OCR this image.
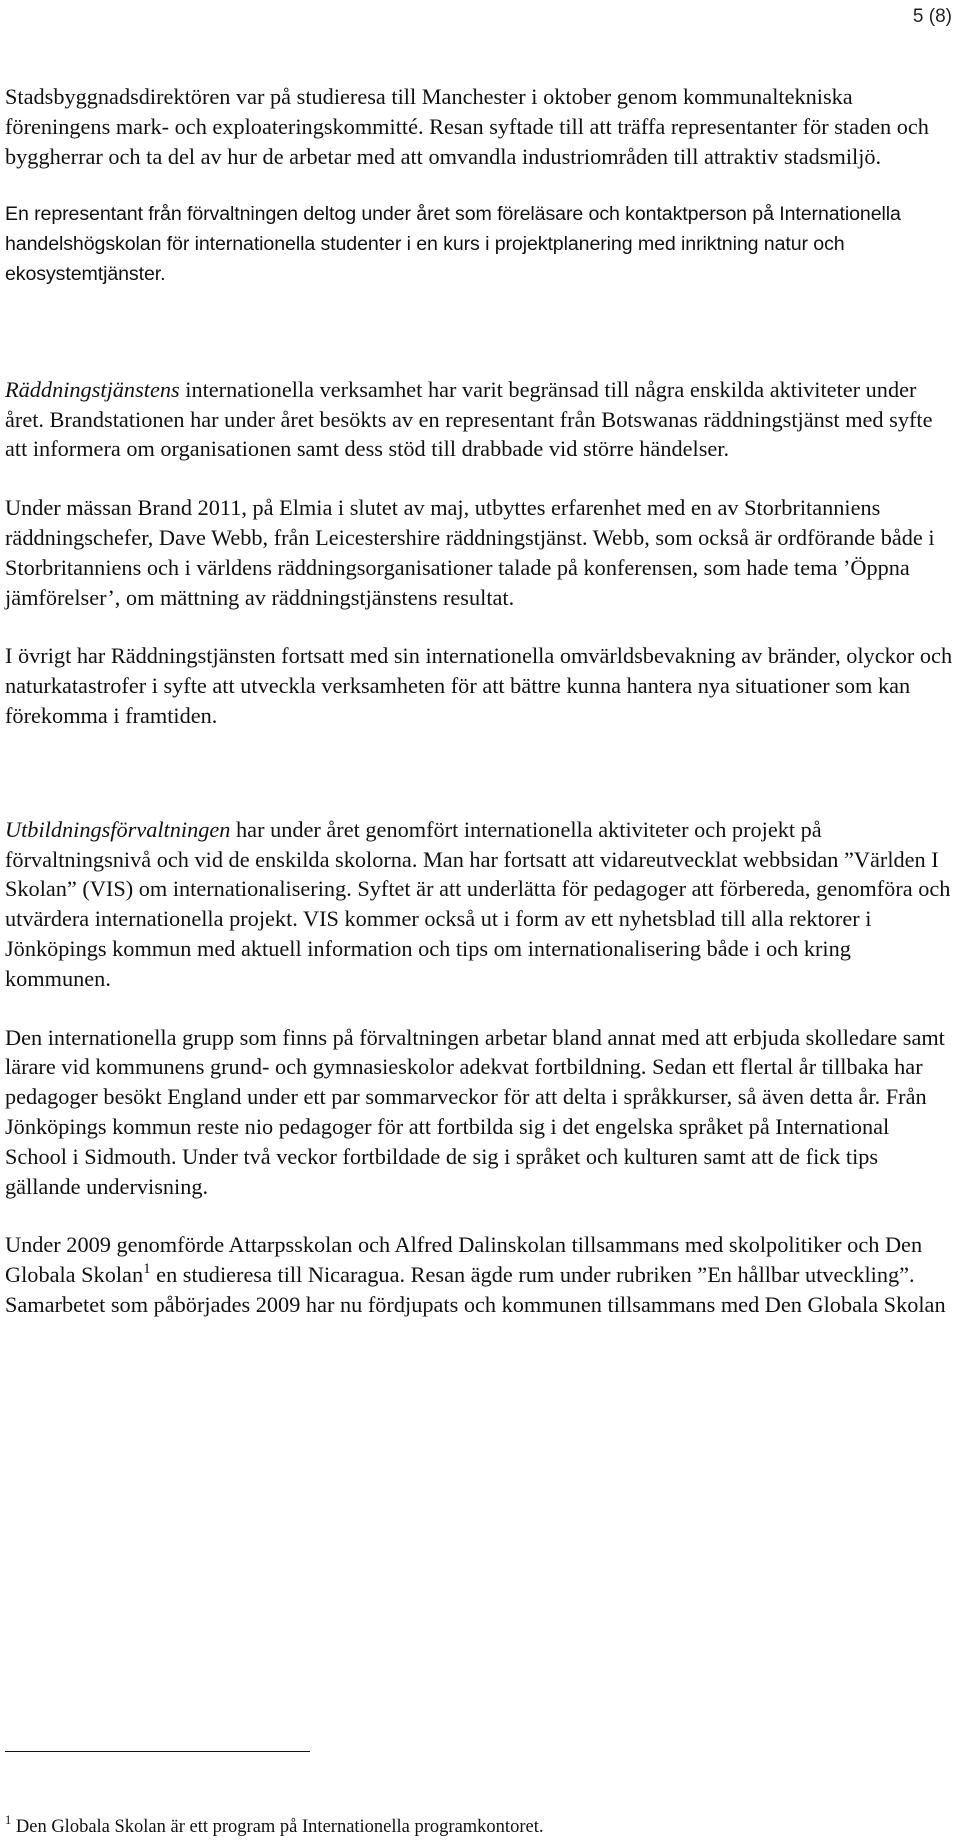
5 (8)

Stadsbyggnadsdirektören var på studieresa till Manchester i oktober genom kommunaltekniska föreningens mark- och exploateringskommitté. Resan syftade till att träffa representanter för staden och byggherrar och ta del av hur de arbetar med att omvandla industriområden till attraktiv stadsmiljö.

En representant från förvaltningen deltog under året som föreläsare och kontaktperson på Internationella handelshögskolan för internationella studenter i en kurs i projektplanering med inriktning natur och ekosystemtjänster.

Räddningstjänstens internationella verksamhet har varit begränsad till några enskilda aktiviteter under året. Brandstationen har under året besökts av en representant från Botswanas räddningstjänst med syfte att informera om organisationen samt dess stöd till drabbade vid större händelser.

Under mässan Brand 2011, på Elmia i slutet av maj, utbyttes erfarenhet med en av Storbritanniens räddningschefer, Dave Webb, från Leicestershire räddningstjänst. Webb, som också är ordförande både i Storbritanniens och i världens räddningsorganisationer talade på konferensen, som hade tema ’Öppna jämförelser’, om mättning av räddningstjänstens resultat.

I övrigt har Räddningstjänsten fortsatt med sin internationella omvärldsbevakning av bränder, olyckor och naturkatastrofer i syfte att utveckla verksamheten för att bättre kunna hantera nya situationer som kan förekomma i framtiden.

Utbildningsförvaltningen har under året genomfört internationella aktiviteter och projekt på förvaltningsnivå och vid de enskilda skolorna. Man har fortsatt att vidareutvecklat webbsidan ”Världen I Skolan” (VIS) om internationalisering. Syftet är att underlätta för pedagoger att förbereda, genomföra och utvärdera internationella projekt. VIS kommer också ut i form av ett nyhetsblad till alla rektorer i Jönköpings kommun med aktuell information och tips om internationalisering både i och kring kommunen.

Den internationella grupp som finns på förvaltningen arbetar bland annat med att erbjuda skolledare samt lärare vid kommunens grund- och gymnasieskolor adekvat fortbildning. Sedan ett flertal år tillbaka har pedagoger besökt England under ett par sommarveckor för att delta i språkkurser, så även detta år. Från Jönköpings kommun reste nio pedagoger för att fortbilda sig i det engelska språket på International School i Sidmouth. Under två veckor fortbildade de sig i språket och kulturen samt att de fick tips gällande undervisning.

Under 2009 genomförde Attarpsskolan och Alfred Dalinskolan tillsammans med skolpolitiker och Den Globala Skolan$^1$ en studieresa till Nicaragua. Resan ägde rum under rubriken ”En hållbar utveckling”. Samarbetet som påbörjades 2009 har nu fördjupats och kommunen tillsammans med Den Globala Skolan

$^1$ Den Globala Skolan är ett program på Internationella programkontoret.
